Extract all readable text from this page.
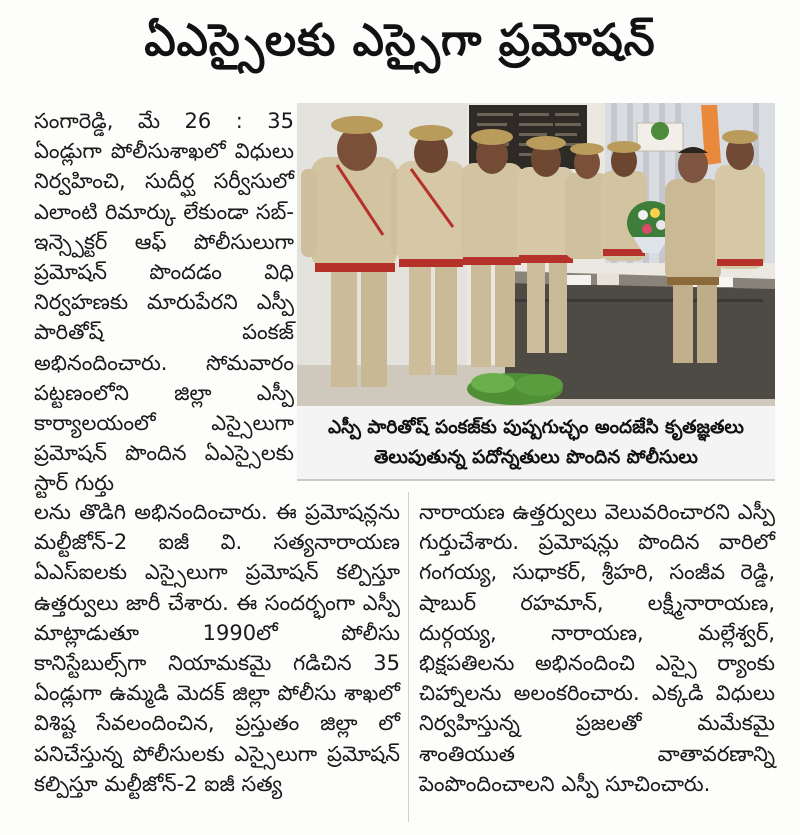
ఏఎస్సైలకు ఎస్సైగా ప్రమోషన్

సంగారెడ్డి, మే 26 : 35 ఏండ్లుగా పోలీసుశాఖలో విధులు నిర్వహించి, సుదీర్ఘ సర్వీసులో ఎలాంటి రిమార్కు లేకుండా సబ్-ఇన్స్పెక్టర్ ఆఫ్ పోలీసులుగా ప్రమోషన్ పొందడం విధి నిర్వహణకు మారుపేరని ఎస్పీ పారితోష్ పంకజ్ అభినందించారు. సోమవారం పట్టణంలోని జిల్లా ఎస్పీ కార్యాలయంలో ఎస్సైలుగా ప్రమోషన్ పొందిన ఏఎస్సైలకు స్టార్ గుర్తు

ఎస్పీ పారితోష్ పంకజ్‌కు పుష్పగుచ్ఛం అందజేసి కృతజ్ఞతలు
తెలుపుతున్న పదోన్నతులు పొందిన పోలీసులు

లను తొడిగి అభినందించారు. ఈ ప్రమోషన్లను మల్టీజోన్-2 ఐజీ వి. సత్యనారాయణ ఏఎస్ఐలకు ఎస్సైలుగా ప్రమోషన్ కల్పిస్తూ ఉత్తర్వులు జారీ చేశారు. ఈ సందర్భంగా ఎస్పీ మాట్లాడుతూ 1990లో పోలీసు కానిస్టేబుల్స్‌గా నియామకమై గడిచిన 35 ఏండ్లుగా ఉమ్మడి మెదక్ జిల్లా పోలీసు శాఖలో విశిష్ట సేవలందించిన, ప్రస్తుతం జిల్లా లో పనిచేస్తున్న పోలీసులకు ఎస్సైలుగా ప్రమోషన్ కల్పిస్తూ మల్టీజోన్-2 ఐజీ సత్య

నారాయణ ఉత్తర్వులు వెలువరించారని ఎస్పీ గుర్తుచేశారు. ప్రమోషన్లు పొందిన వారిలో గంగయ్య, సుధాకర్, శ్రీహరి, సంజీవ రెడ్డి, షాబుర్ రహమాన్, లక్ష్మీనారాయణ, దుర్గయ్య, నారాయణ, మల్లేశ్వర్, భిక్షపతిలను అభినందించి ఎస్సై ర్యాంకు చిహ్నాలను అలంకరించారు. ఎక్కడి విధులు నిర్వహిస్తున్న ప్రజలతో మమేకమై శాంతియుత వాతావరణాన్ని పెంపొందించాలని ఎస్పీ సూచించారు.
